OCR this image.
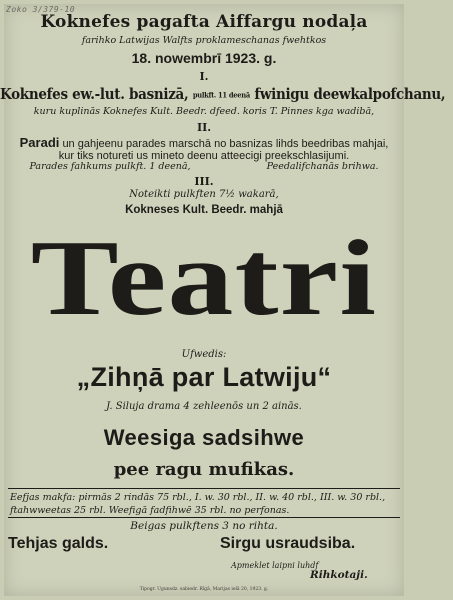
Zoko 3/379-10
Koknefes pagafta Aiffargu nodaļa
farihko Latwijas Walfts proklameschanas fwehtkos
18. nowembrī 1923. g.
I.
Koknefes ew.-lut. basnizā, pulkft. 11 deenā fwinigu deewkalpofchanu,
kuru kuplinās Koknefes Kult. Beedr. dfeed. koris T. Pinnes kga wadibā,
II.
Paradi un gahjeenu parades marschā no basnizas lihds beedribas mahjai,
kur tiks notureti us mineto deenu atteecigi preekschlasijumi.
Parades fahkums pulkft. 1 deenā,	Peedalifchanās brihwa.
III.
Noteikti pulkften 7½ wakarā,
Kokneses Kult. Beedr. mahjā
Teatri
Ufwedis:
„Zihņā par Latwiju“
J. Siluja drama 4 zehleenōs un 2 ainās.
Weesiga sadsihwe
pee ragu mufikas.
Eefjas makfa: pirmās 2 rindās 75 rbl., I. w. 30 rbl., II. w. 40 rbl., III. w. 30 rbl.,
ftahwweetas 25 rbl. Weefigā fadfihwē 35 rbl. no perfonas.
Beigas pulkftens 3 no rihta.
Tehjas galds.	Sirgu usraudsiba.
Apmeklet laipni luhdf
Rihkotaji.
Tipogr. Ugunsdz. sabiedr. Rīgā, Marijas ielā 20, 1923. g.
